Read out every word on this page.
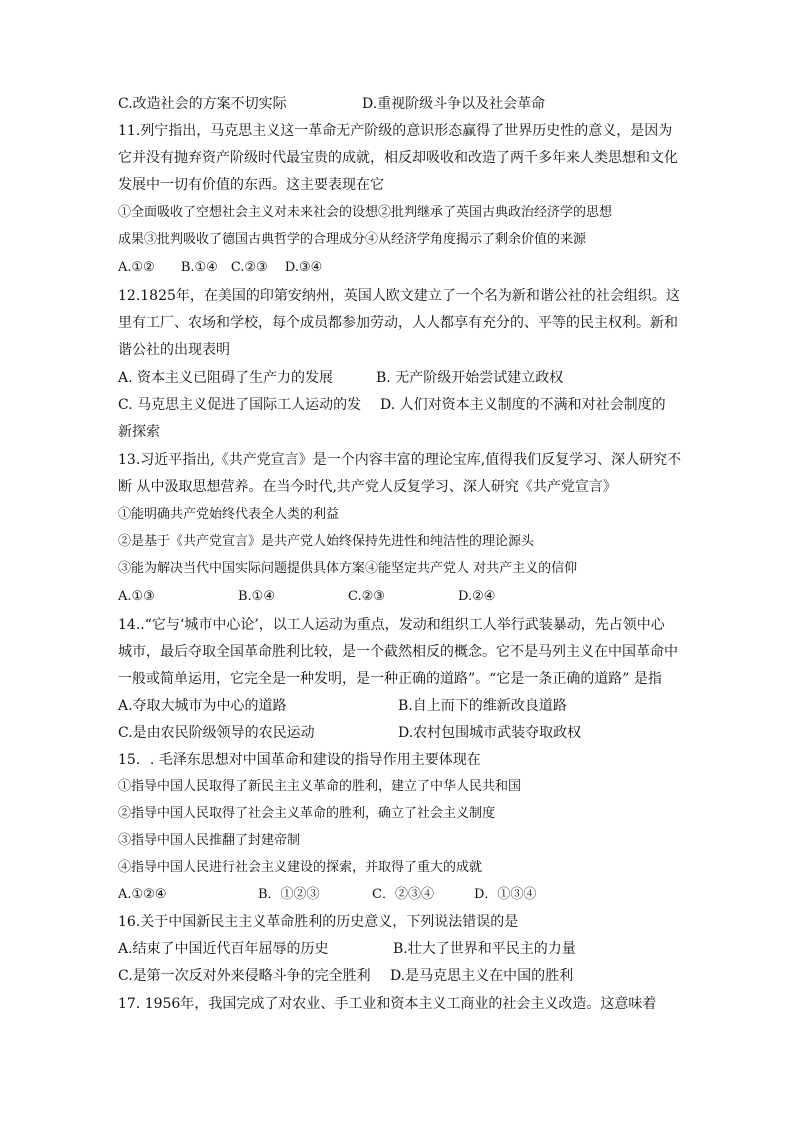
C.改造社会的方案不切实际	D.重视阶级斗争以及社会革命
11.列宁指出，马克思主义这一革命无产阶级的意识形态赢得了世界历史性的意义，是因为
它并没有抛弃资产阶级时代最宝贵的成就，相反却吸收和改造了两千多年来人类思想和文化
发展中一切有价值的东西。这主要表现在它
①全面吸收了空想社会主义对未来社会的设想②批判继承了英国古典政治经济学的思想
成果③批判吸收了德国古典哲学的合理成分④从经济学角度揭示了剩余价值的来源
A.①②　　B.①④　C.②③　 D.③④
12.1825年，在美国的印第安纳州，英国人欧文建立了一个名为新和谐公社的社会组织。这
里有工厂、农场和学校，每个成员都参加劳动，人人都享有充分的、平等的民主权利。新和
谐公社的出现表明
A. 资本主义已阻碍了生产力的发展	B. 无产阶级开始尝试建立政权
C. 马克思主义促进了国际工人运动的发 D. 人们对资本主义制度的不满和对社会制度的
新探索
13.习近平指出,《共产党宣言》是一个内容丰富的理论宝库,值得我们反复学习、深人研究不
断 从中汲取思想营养。在当今时代,共产党人反复学习、深人研究《共产党宣言》
①能明确共产党始终代表全人类的利益
②是基于《共产党宣言》是共产党人始终保持先进性和纯洁性的理论源头
③能为解决当代中国实际问题提供具体方案④能坚定共产党人 对共产主义的信仰
A.①③	B.①④	C.②③	D.②④
14..“它与‘城市中心论’，以工人运动为重点，发动和组织工人举行武装暴动，先占领中心
城市，最后夺取全国革命胜利比较，是一个截然相反的概念。它不是马列主义在中国革命中
一般或简单运用，它完全是一种发明，是一种正确的道路”。“它是一条正确的道路” 是指
A.夺取大城市为中心的道路	B.自上而下的维新改良道路
C.是由农民阶级领导的农民运动	D.农村包围城市武装夺取政权
15．. 毛泽东思想对中国革命和建设的指导作用主要体现在
①指导中国人民取得了新民主主义革命的胜利，建立了中华人民共和国
②指导中国人民取得了社会主义革命的胜利，确立了社会主义制度
③指导中国人民推翻了封建帝制
④指导中国人民进行社会主义建设的探索，并取得了重大的成就
A.①②④	B．①②③	C．②③④	D．①③④
16.关于中国新民主主义革命胜利的历史意义，下列说法错误的是
A.结束了中国近代百年屈辱的历史	B.壮大了世界和平民主的力量
C.是第一次反对外来侵略斗争的完全胜利 D.是马克思主义在中国的胜利
17. 1956年，我国完成了对农业、手工业和资本主义工商业的社会主义改造。这意味着
